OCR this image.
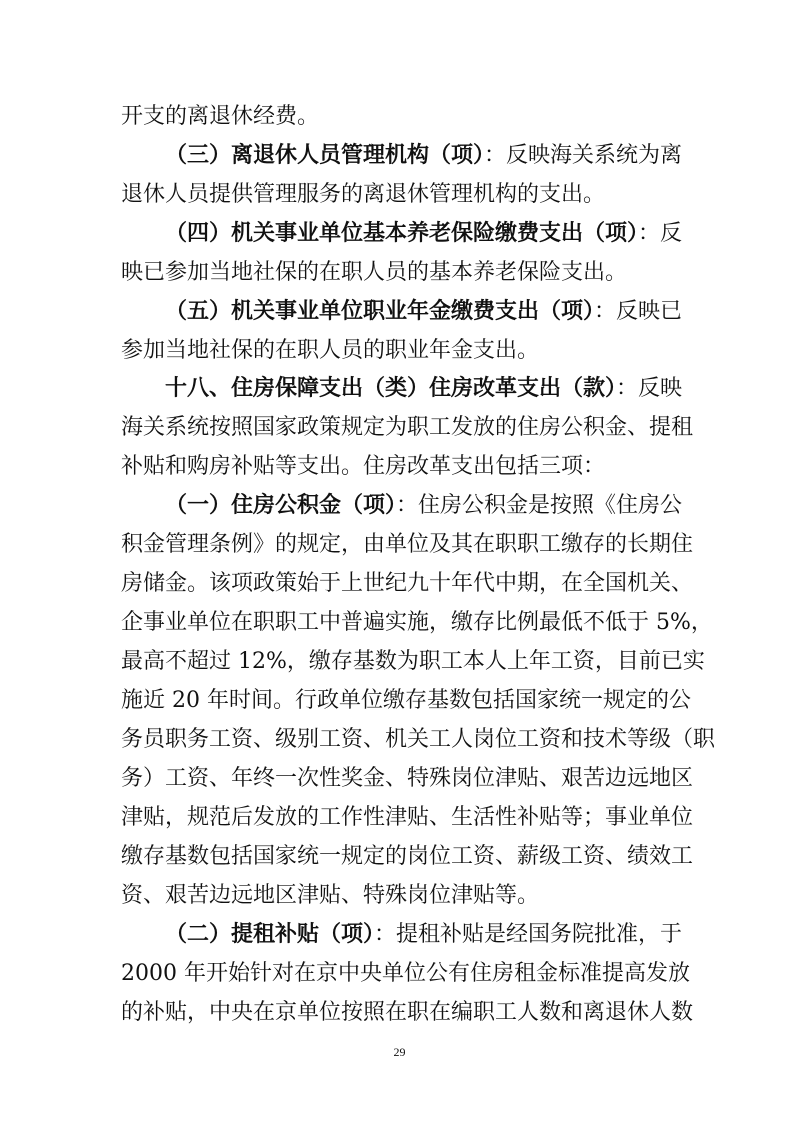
开支的离退休经费。
（三）离退休人员管理机构（项）：反映海关系统为离
退休人员提供管理服务的离退休管理机构的支出。
（四）机关事业单位基本养老保险缴费支出（项）：反
映已参加当地社保的在职人员的基本养老保险支出。
（五）机关事业单位职业年金缴费支出（项）：反映已
参加当地社保的在职人员的职业年金支出。
十八、住房保障支出（类）住房改革支出（款）：反映
海关系统按照国家政策规定为职工发放的住房公积金、提租
补贴和购房补贴等支出。住房改革支出包括三项：
（一）住房公积金（项）：住房公积金是按照《住房公
积金管理条例》的规定，由单位及其在职职工缴存的长期住
房储金。该项政策始于上世纪九十年代中期，在全国机关、
企事业单位在职职工中普遍实施，缴存比例最低不低于 5%，
最高不超过 12%，缴存基数为职工本人上年工资，目前已实
施近 20 年时间。行政单位缴存基数包括国家统一规定的公
务员职务工资、级别工资、机关工人岗位工资和技术等级（职
务）工资、年终一次性奖金、特殊岗位津贴、艰苦边远地区
津贴，规范后发放的工作性津贴、生活性补贴等；事业单位
缴存基数包括国家统一规定的岗位工资、薪级工资、绩效工
资、艰苦边远地区津贴、特殊岗位津贴等。
（二）提租补贴（项）：提租补贴是经国务院批准，于
2000 年开始针对在京中央单位公有住房租金标准提高发放
的补贴，中央在京单位按照在职在编职工人数和离退休人数
29
